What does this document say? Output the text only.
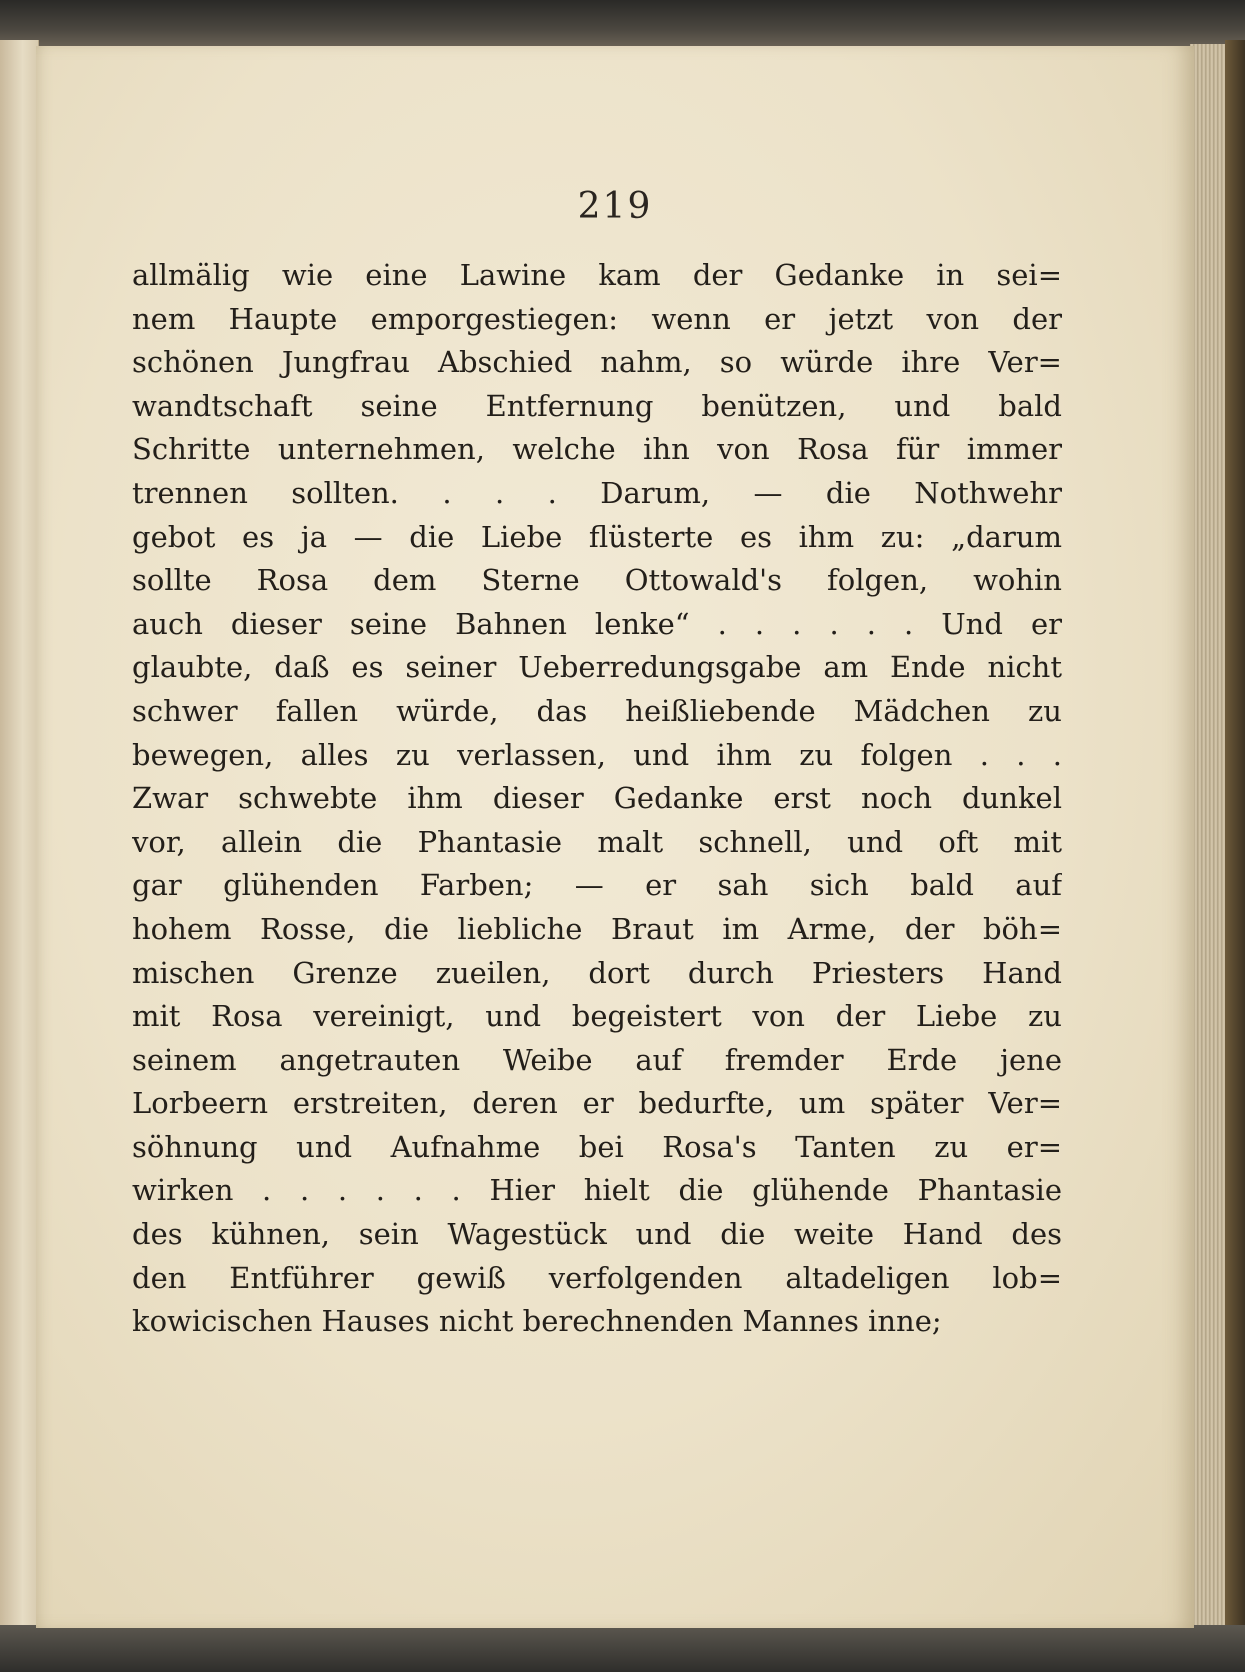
219
allmälig wie eine Lawine kam der Gedanke in sei=
nem Haupte emporgestiegen: wenn er jetzt von der
schönen Jungfrau Abschied nahm, so würde ihre Ver=
wandtschaft seine Entfernung benützen, und bald
Schritte unternehmen, welche ihn von Rosa für immer
trennen sollten. . . . Darum, — die Nothwehr
gebot es ja — die Liebe flüsterte es ihm zu: „darum
sollte Rosa dem Sterne Ottowald's folgen, wohin
auch dieser seine Bahnen lenke“ . . . . . . Und er
glaubte, daß es seiner Ueberredungsgabe am Ende nicht
schwer fallen würde, das heißliebende Mädchen zu
bewegen, alles zu verlassen, und ihm zu folgen . . .
Zwar schwebte ihm dieser Gedanke erst noch dunkel
vor, allein die Phantasie malt schnell, und oft mit
gar glühenden Farben; — er sah sich bald auf
hohem Rosse, die liebliche Braut im Arme, der böh=
mischen Grenze zueilen, dort durch Priesters Hand
mit Rosa vereinigt, und begeistert von der Liebe zu
seinem angetrauten Weibe auf fremder Erde jene
Lorbeern erstreiten, deren er bedurfte, um später Ver=
söhnung und Aufnahme bei Rosa's Tanten zu er=
wirken . . . . . . Hier hielt die glühende Phantasie
des kühnen, sein Wagestück und die weite Hand des
den Entführer gewiß verfolgenden altadeligen lob=
kowicischen Hauses nicht berechnenden Mannes inne;
